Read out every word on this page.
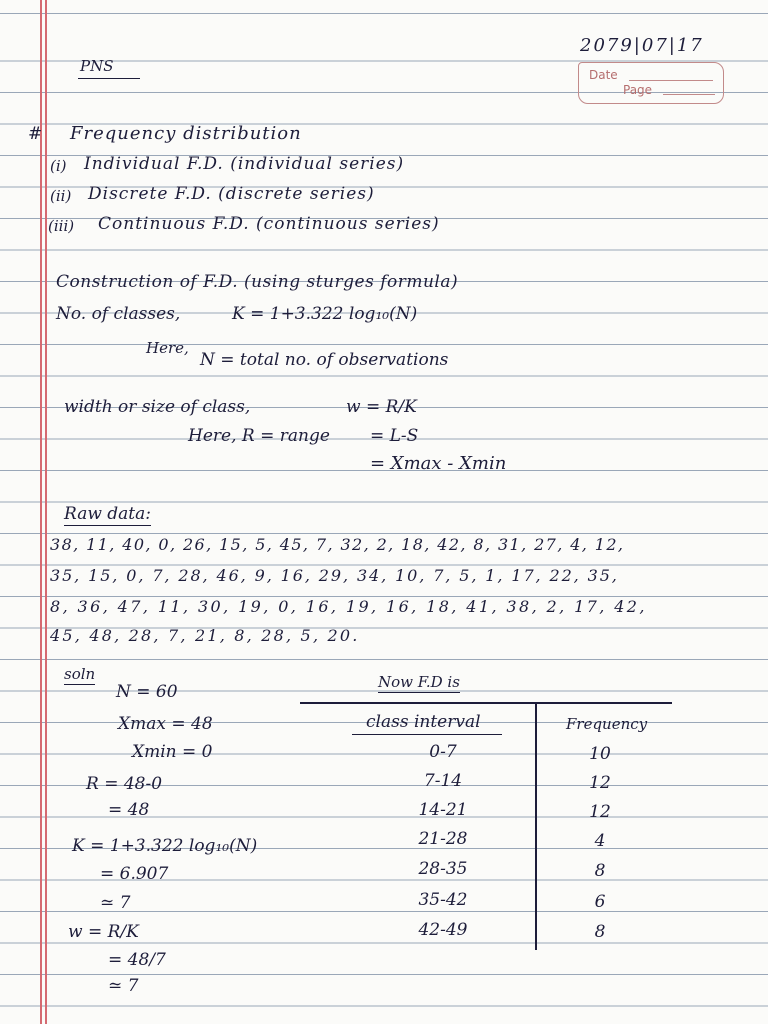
PNS
2079|07|17
Date
Page
# Frequency distribution
(i) Individual F.D. (individual series)
(ii) Discrete F.D. (discrete series)
(iii) Continuous F.D. (continuous series)
Construction of F.D. (using sturges formula)
No. of classes,	K = 1+3.322 log₁₀(N)
Here,
N = total no. of observations
width or size of class,	w = R/K
Here, R = range = L-S
= Xmax - Xmin
Raw data:
38, 11, 40, 0, 26, 15, 5, 45, 7, 32, 2, 18, 42, 8, 31, 27, 4, 12,
35, 15, 0, 7, 28, 46, 9, 16, 29, 34, 10, 7, 5, 1, 17, 22, 35,
8, 36, 47, 11, 30, 19, 0, 16, 19, 16, 18, 41, 38, 2, 17, 42,
45, 48, 28, 7, 21, 8, 28, 5, 20.
soln
N = 60
Xmax = 48
Xmin = 0
R = 48-0
= 48
K = 1+3.322 log₁₀(N)
= 6.907
≃ 7
w = R/K
= 48/7
≃ 7
Now F.D is
class interval	Frequency
0-7	10
7-14	12
14-21	12
21-28	4
28-35	8
35-42	6
42-49	8
